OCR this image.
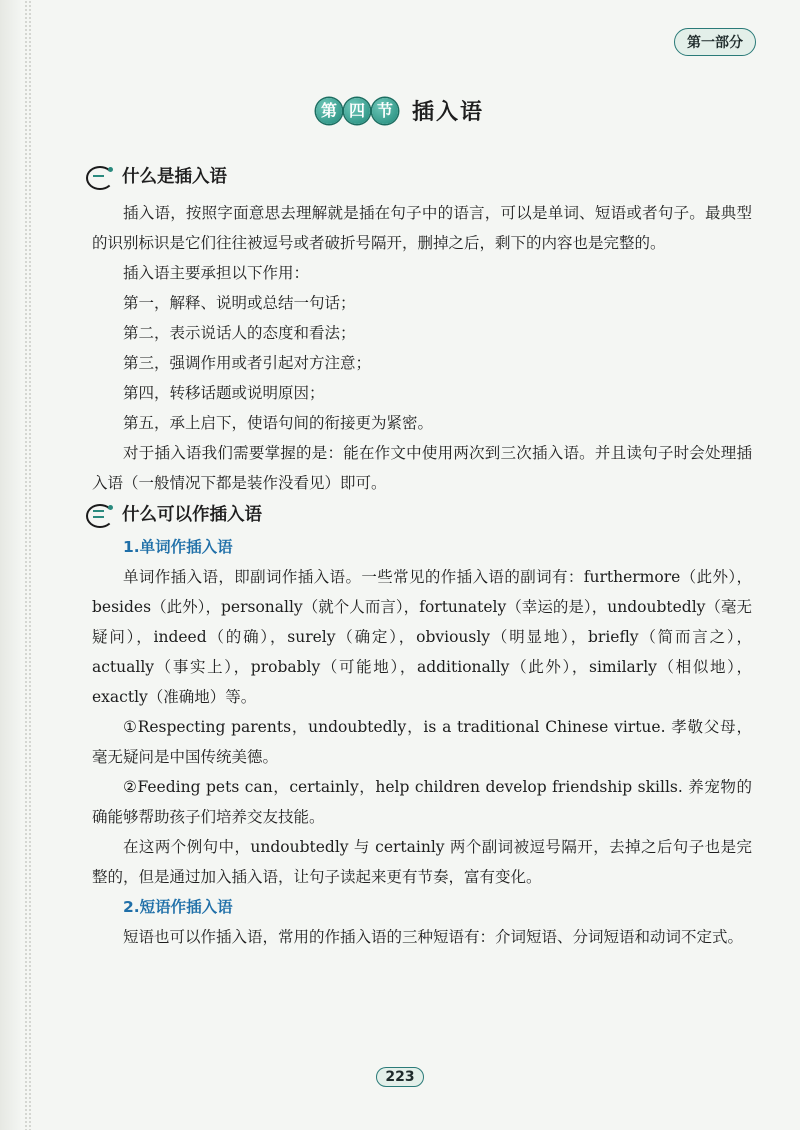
第一部分
第 四 节 插入语
什么是插入语

插入语，按照字面意思去理解就是插在句子中的语言，可以是单词、短语或者句子。最典型的识别标识是它们往往被逗号或者破折号隔开，删掉之后，剩下的内容也是完整的。

插入语主要承担以下作用：

第一，解释、说明或总结一句话；

第二，表示说话人的态度和看法；

第三，强调作用或者引起对方注意；

第四，转移话题或说明原因；

第五，承上启下，使语句间的衔接更为紧密。

对于插入语我们需要掌握的是：能在作文中使用两次到三次插入语。并且读句子时会处理插入语（一般情况下都是装作没看见）即可。

什么可以作插入语
1.单词作插入语

单词作插入语，即副词作插入语。一些常见的作插入语的副词有：furthermore（此外），besides（此外），personally（就个人而言），fortunately（幸运的是），undoubtedly（毫无疑问），indeed（的确），surely（确定），obviously（明显地），briefly（简而言之），actually（事实上），probably（可能地），additionally（此外），similarly（相似地），exactly（准确地）等。

①Respecting parents，undoubtedly，is a traditional Chinese virtue. 孝敬父母，毫无疑问是中国传统美德。

②Feeding pets can，certainly，help children develop friendship skills. 养宠物的确能够帮助孩子们培养交友技能。

在这两个例句中，undoubtedly 与 certainly 两个副词被逗号隔开，去掉之后句子也是完整的，但是通过加入插入语，让句子读起来更有节奏，富有变化。

2.短语作插入语

短语也可以作插入语，常用的作插入语的三种短语有：介词短语、分词短语和动词不定式。

223
